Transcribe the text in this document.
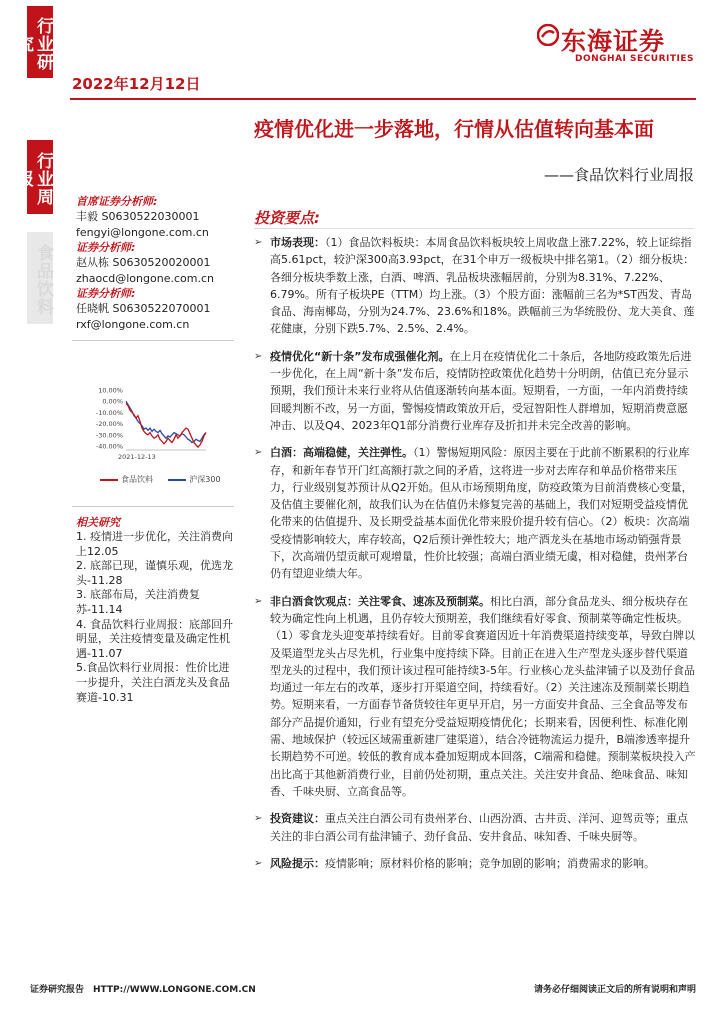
行业研究
行业周报
食品饮料
2022年12月12日
东海证券
DONGHAI SECURITIES
疫情优化进一步落地，行情从估值转向基本面
——食品饮料行业周报
首席证券分析师:
丰毅 S0630522030001
fengyi@longone.com.cn
证券分析师:
赵从栋 S0630520020001
zhaocd@longone.com.cn
证券分析师:
任晓帆 S0630522070001
rxf@longone.com.cn
10.00%
0.00%
-10.00%
-20.00%
-30.00%
-40.00%
2021-12-13
食品饮料	沪深300
相关研究
1. 疫情进一步优化，关注消费向上12.05
2. 底部已现，谨慎乐观，优选龙头-11.28
3. 底部布局，关注消费复苏-11.14
4. 食品饮料行业周报：底部回升明显，关注疫情变量及确定性机遇-11.07
5.食品饮料行业周报：性价比进一步提升，关注白酒龙头及食品赛道-10.31
投资要点:
➢ 市场表现：（1）食品饮料板块：本周食品饮料板块较上周收盘上涨7.22%，较上证综指高5.61pct，较沪深300高3.93pct，在31个申万一级板块中排名第1。（2）细分板块：各细分板块季数上涨，白酒、啤酒、乳品板块涨幅居前，分别为8.31%、7.22%、6.79%。所有子板块PE（TTM）均上涨。（3）个股方面：涨幅前三名为*ST西发、青岛食品、海南椰岛，分别为24.7%、23.6%和18%。跌幅前三为华统股份、龙大美食、莲花健康，分别下跌5.7%、2.5%、2.4%。
➢ 疫情优化“新十条”发布成强催化剂。在上月在疫情优化二十条后，各地防疫政策先后进一步优化，在上周“新十条”发布后，疫情防控政策优化趋势十分明朗，估值已充分显示预期，我们预计未来行业将从估值逐渐转向基本面。短期看，一方面，一年内消费持续回暖判断不改，另一方面，警惕疫情政策放开后，受冠智阳性人群增加，短期消费意愿冲击、以及Q4、2023年Q1部分消费行业库存及折扣并未完全改善的影响。
➢ 白酒：高端稳健，关注弹性。（1）警惕短期风险：原因主要在于此前不断累积的行业库存，和新年春节开门红高额打款之间的矛盾，这将进一步对去库存和单品价格带来压力，行业级别复苏预计从Q2开始。但从市场预期角度，防疫政策为目前消费核心变量，及估值主要催化剂，故我们认为在估值仍未修复完善的基础上，我们对短期受益疫情优化带来的估值提升、及长期受益基本面优化带来股价提升较有信心。（2）板块：次高端受疫情影响较大，库存较高，Q2后预计弹性较大；地产酒龙头在基地市场动销强背景下，次高端仍望贡献可观增量，性价比较强；高端白酒业绩无虞，相对稳健，贵州茅台仍有望迎业绩大年。
➢ 非白酒食饮观点：关注零食、速冻及预制菜。相比白酒，部分食品龙头、细分板块存在较为确定性向上机遇，且仍存较大预期差，我们继续看好零食、预制菜等确定性板块。（1）零食龙头迎变革持续看好。目前零食赛道因近十年消费渠道持续变革，导致白牌以及渠道型龙头占尽先机，行业集中度持续下降。目前正在进入生产型龙头逐步替代渠道型龙头的过程中，我们预计该过程可能持续3-5年。行业核心龙头盐津铺子以及劲仔食品均通过一年左右的改革，逐步打开渠道空间，持续看好。（2）关注速冻及预制菜长期趋势。短期来看，一方面春节备货较往年更早开启，另一方面安井食品、三全食品等发布部分产品提价通知，行业有望充分受益短期疫情优化；长期来看，因便利性、标准化刚需、地域保护（较远区域需重新建厂建渠道），结合冷链物流运力提升，B端渗透率提升长期趋势不可逆。较低的教育成本叠加短期成本回落，C端需和稳健。预制菜板块投入产出比高于其他新消费行业，目前仍处初期，重点关注。关注安井食品、绝味食品、味知香、千味央厨、立高食品等。
➢ 投资建议：重点关注白酒公司有贵州茅台、山西汾酒、古井贡、洋河、迎驾贡等；重点关注的非白酒公司有盐津铺子、劲仔食品、安井食品、味知香、千味央厨等。
➢ 风险提示：疫情影响；原材料价格的影响；竞争加剧的影响；消费需求的影响。
证券研究报告　HTTP://WWW.LONGONE.COM.CN	请务必仔细阅读正文后的所有说明和声明
